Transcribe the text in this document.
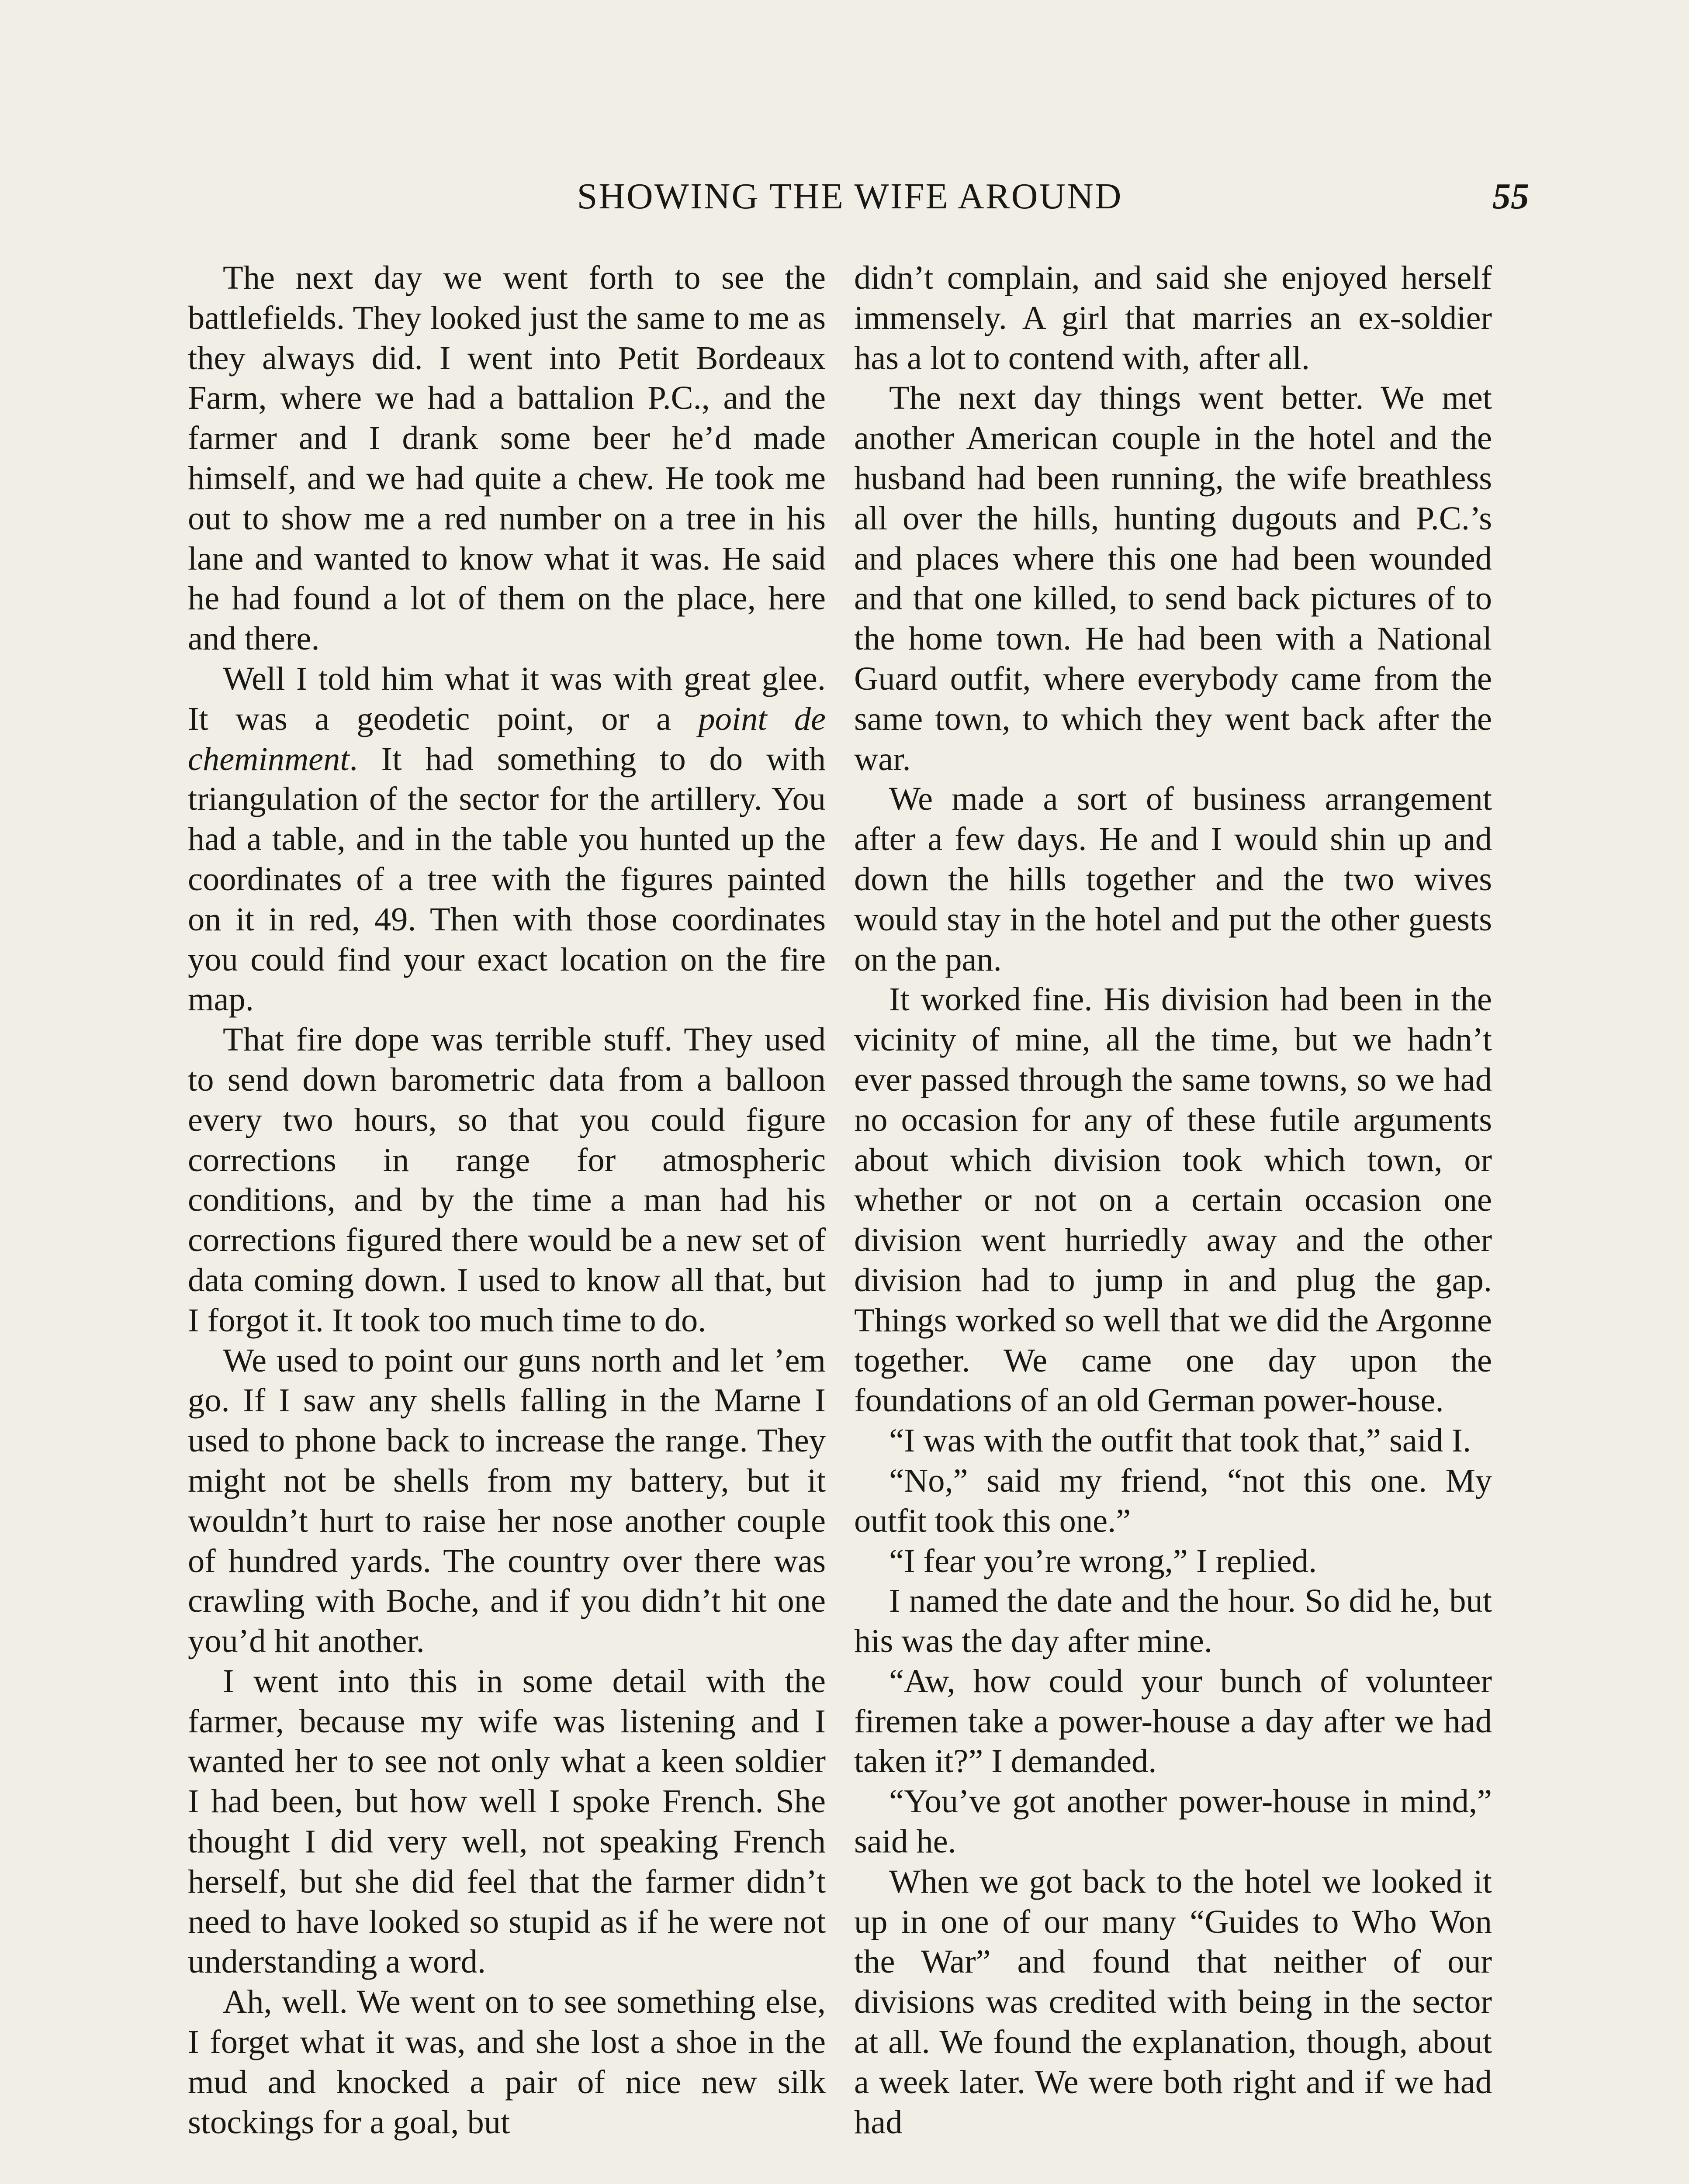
SHOWING THE WIFE AROUND	55

The next day we went forth to see the battlefields. They looked just the same to me as they always did. I went into Petit Bordeaux Farm, where we had a battalion P.C., and the farmer and I drank some beer he’d made himself, and we had quite a chew. He took me out to show me a red number on a tree in his lane and wanted to know what it was. He said he had found a lot of them on the place, here and there.

Well I told him what it was with great glee. It was a geodetic point, or a point de cheminment. It had something to do with triangulation of the sector for the artillery. You had a table, and in the table you hunted up the coordinates of a tree with the figures painted on it in red, 49. Then with those coordinates you could find your exact location on the fire map.

That fire dope was terrible stuff. They used to send down barometric data from a balloon every two hours, so that you could figure corrections in range for atmospheric conditions, and by the time a man had his corrections figured there would be a new set of data coming down. I used to know all that, but I forgot it. It took too much time to do.

We used to point our guns north and let ’em go. If I saw any shells falling in the Marne I used to phone back to increase the range. They might not be shells from my battery, but it wouldn’t hurt to raise her nose another couple of hundred yards. The country over there was crawling with Boche, and if you didn’t hit one you’d hit another.

I went into this in some detail with the farmer, because my wife was listening and I wanted her to see not only what a keen soldier I had been, but how well I spoke French. She thought I did very well, not speaking French herself, but she did feel that the farmer didn’t need to have looked so stupid as if he were not understanding a word.

Ah, well. We went on to see something else, I forget what it was, and she lost a shoe in the mud and knocked a pair of nice new silk stockings for a goal, but

didn’t complain, and said she enjoyed herself immensely. A girl that marries an ex-soldier has a lot to contend with, after all.

The next day things went better. We met another American couple in the hotel and the husband had been running, the wife breathless all over the hills, hunting dugouts and P.C.’s and places where this one had been wounded and that one killed, to send back pictures of to the home town. He had been with a National Guard outfit, where everybody came from the same town, to which they went back after the war.

We made a sort of business arrangement after a few days. He and I would shin up and down the hills together and the two wives would stay in the hotel and put the other guests on the pan.

It worked fine. His division had been in the vicinity of mine, all the time, but we hadn’t ever passed through the same towns, so we had no occasion for any of these futile arguments about which division took which town, or whether or not on a certain occasion one division went hurriedly away and the other division had to jump in and plug the gap. Things worked so well that we did the Argonne together. We came one day upon the foundations of an old German power-house.

“I was with the outfit that took that,” said I.

“No,” said my friend, “not this one. My outfit took this one.”

“I fear you’re wrong,” I replied.

I named the date and the hour. So did he, but his was the day after mine.

“Aw, how could your bunch of volunteer firemen take a power-house a day after we had taken it?” I demanded.

“You’ve got another power-house in mind,” said he.

When we got back to the hotel we looked it up in one of our many “Guides to Who Won the War” and found that neither of our divisions was credited with being in the sector at all. We found the explanation, though, about a week later. We were both right and if we had had
